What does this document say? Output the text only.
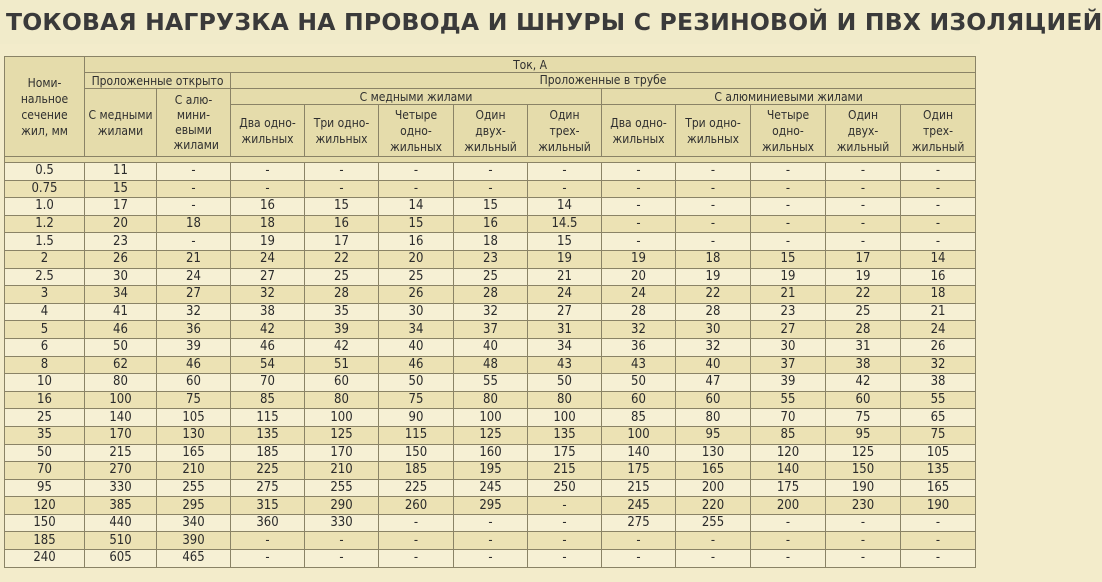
ТОКОВАЯ НАГРУЗКА НА ПРОВОДА И ШНУРЫ С РЕЗИНОВОЙ И ПВХ ИЗОЛЯЦИЕЙ
Номи-нальное сечение жил, мм	Ток, А											
	Проложенные открыто		Проложенные в трубе									
	С медными жилами	С алю-мини-евыми жилами										
			С медными жилами					С алюминиевыми жилами				
			Два одно-жильных	Три одно-жильных	Четыре одно-жильных	Один двух-жильный	Один трех-жильный	Два одно-жильных	Три одно-жильных	Четыре одно-жильных	Один двух-жильный	Один трех-жильный

0.5	11	-	-	-	-	-	-	-	-	-	-	-
0.75	15	-	-	-	-	-	-	-	-	-	-	-
1.0	17	-	16	15	14	15	14	-	-	-	-	-
1.2	20	18	18	16	15	16	14.5	-	-	-	-	-
1.5	23	-	19	17	16	18	15	-	-	-	-	-
2	26	21	24	22	20	23	19	19	18	15	17	14
2.5	30	24	27	25	25	25	21	20	19	19	19	16
3	34	27	32	28	26	28	24	24	22	21	22	18
4	41	32	38	35	30	32	27	28	28	23	25	21
5	46	36	42	39	34	37	31	32	30	27	28	24
6	50	39	46	42	40	40	34	36	32	30	31	26
8	62	46	54	51	46	48	43	43	40	37	38	32
10	80	60	70	60	50	55	50	50	47	39	42	38
16	100	75	85	80	75	80	80	60	60	55	60	55
25	140	105	115	100	90	100	100	85	80	70	75	65
35	170	130	135	125	115	125	135	100	95	85	95	75
50	215	165	185	170	150	160	175	140	130	120	125	105
70	270	210	225	210	185	195	215	175	165	140	150	135
95	330	255	275	255	225	245	250	215	200	175	190	165
120	385	295	315	290	260	295	-	245	220	200	230	190
150	440	340	360	330	-	-	-	275	255	-	-	-
185	510	390	-	-	-	-	-	-	-	-	-	-
240	605	465	-	-	-	-	-	-	-	-	-	-
